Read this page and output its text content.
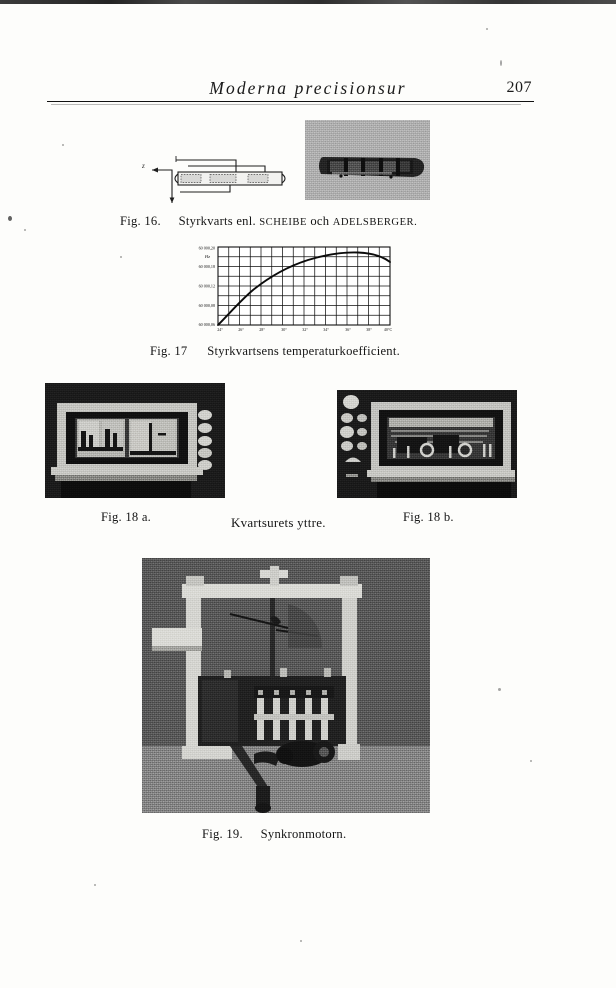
Moderna precisionsur	207
z
Fig. 16. Styrkvarts enl. SCHEIBE och ADELSBERGER.
60 000,20
60 000,18
60 000,12
60 000,08
60 000,06
Hz
24°	26°	28°	30°	32°	34°	36°	38°	40°C
Fig. 17 Styrkvartsens temperaturkoefficient.
Fig. 18 a.	Kvartsurets yttre.	Fig. 18 b.
Fig. 19. Synkronmotorn.
